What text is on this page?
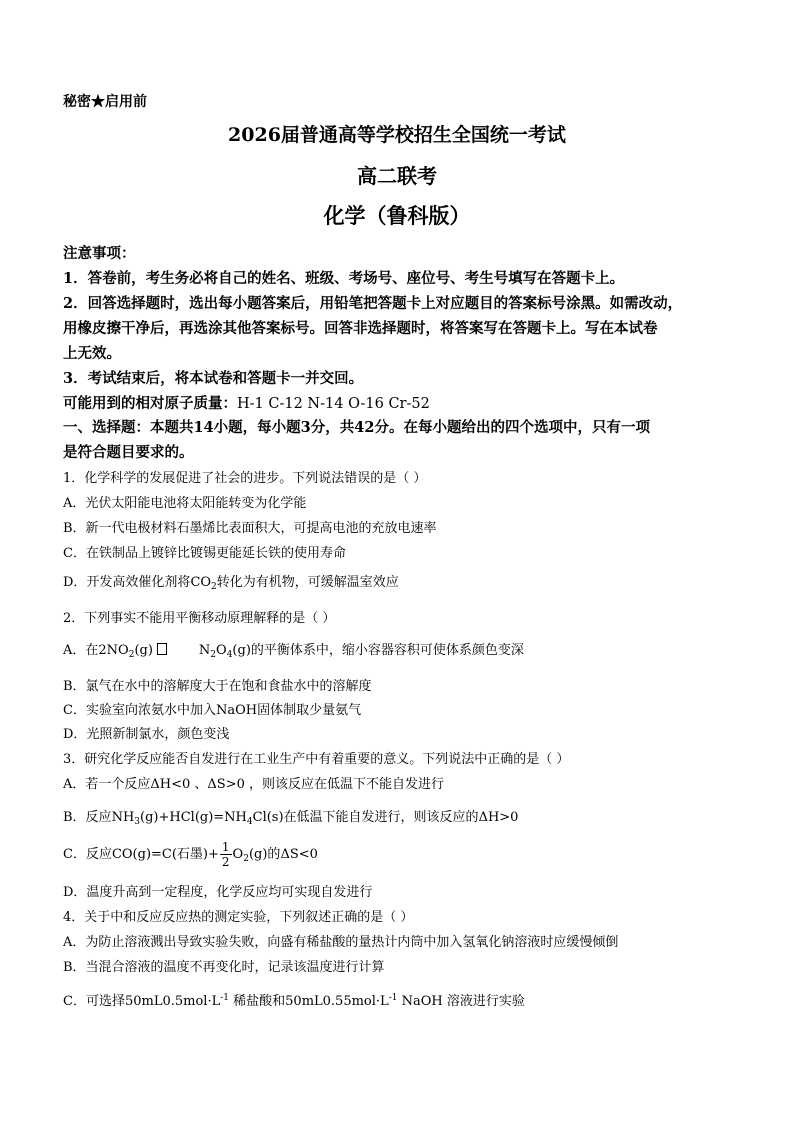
秘密★启用前
2026届普通高等学校招生全国统一考试
高二联考
化学（鲁科版）
注意事项：
1．答卷前，考生务必将自己的姓名、班级、考场号、座位号、考生号填写在答题卡上。
2．回答选择题时，选出每小题答案后，用铅笔把答题卡上对应题目的答案标号涂黑。如需改动，
用橡皮擦干净后，再选涂其他答案标号。回答非选择题时，将答案写在答题卡上。写在本试卷
上无效。
3．考试结束后，将本试卷和答题卡一并交回。
可能用到的相对原子质量：H-1 C-12 N-14 O-16 Cr-52
一、选择题：本题共14小题，每小题3分，共42分。在每小题给出的四个选项中，只有一项
是符合题目要求的。
1．化学科学的发展促进了社会的进步。下列说法错误的是（ ）
A．光伏太阳能电池将太阳能转变为化学能
B．新一代电极材料石墨烯比表面积大，可提高电池的充放电速率
C．在铁制品上镀锌比镀锡更能延长铁的使用寿命
D．开发高效催化剂将$CO_2$转化为有机物，可缓解温室效应
2．下列事实不能用平衡移动原理解释的是（ ）
A．在$2NO_2(g)$	$N_2O_4(g)$的平衡体系中，缩小容器容积可使体系颜色变深
B．氯气在水中的溶解度大于在饱和食盐水中的溶解度
C．实验室向浓氨水中加入NaOH固体制取少量氨气
D．光照新制氯水，颜色变浅
3．研究化学反应能否自发进行在工业生产中有着重要的意义。下列说法中正确的是（ ）
A．若一个反应ΔH<0 、ΔS>0 ，则该反应在低温下不能自发进行
B．反应$NH_3(g)+HCl(g)=NH_4Cl(s)$在低温下能自发进行，则该反应的ΔH>0
C．反应CO(g)=C(石墨)+ $\frac{1}{2} O_2(g)$的ΔS<0
D．温度升高到一定程度，化学反应均可实现自发进行
4．关于中和反应反应热的测定实验，下列叙述正确的是（ ）
A．为防止溶液溅出导致实验失败，向盛有稀盐酸的量热计内筒中加入氢氧化钠溶液时应缓慢倾倒
B．当混合溶液的温度不再变化时，记录该温度进行计算
C．可选择$50mL0.5mol\cdot L^{-1}$ 稀盐酸和$50mL0.55mol\cdot L^{-1}$ NaOH 溶液进行实验
